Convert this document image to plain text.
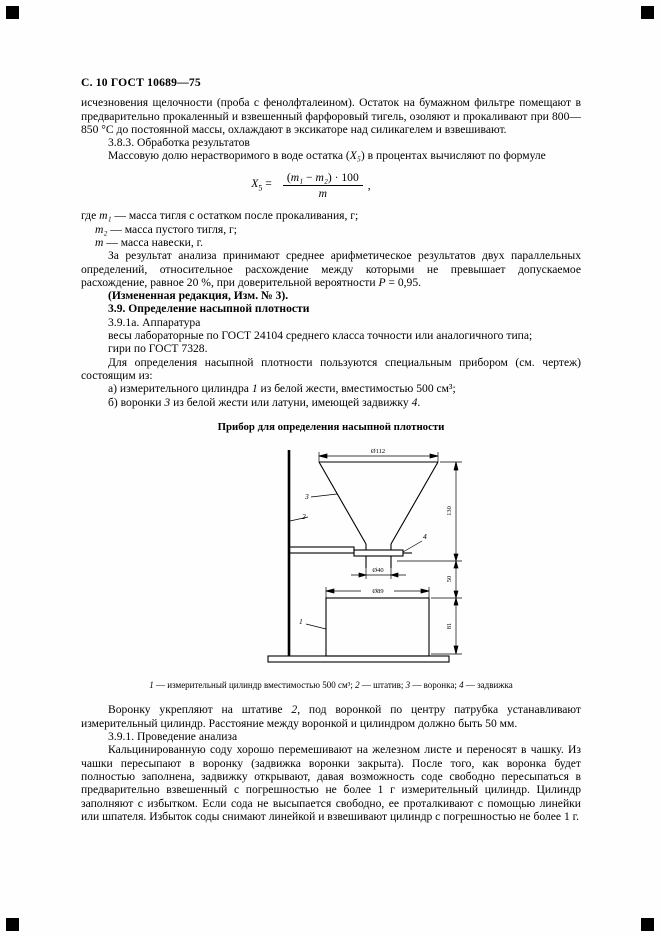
С. 10 ГОСТ 10689—75

исчезновения щелочности (проба с фенолфталеином). Остаток на бумажном фильтре помещают в предварительно прокаленный и взвешенный фарфоровый тигель, озоляют и прокаливают при 800—850 °С до постоянной массы, охлаждают в эксикаторе над силикагелем и взвешивают.

3.8.3. Обработка результатов

Массовую долю нерастворимого в воде остатка (X₅) в процентах вычисляют по формуле

$X_5 = \frac{\text{(m₁ − m₂) · 100}}{m}$ ,
где m₁ — масса тигля с остатком после прокаливания, г;
m₂ — масса пустого тигля, г;
m — масса навески, г.

За результат анализа принимают среднее арифметическое результатов двух параллельных определений, относительное расхождение между которыми не превышает допускаемое расхождение, равное 20 %, при доверительной вероятности Р = 0,95.

(Измененная редакция, Изм. № 3).

3.9. Определение насыпной плотности

3.9.1а. Аппаратура

весы лабораторные по ГОСТ 24104 среднего класса точности или аналогичного типа;

гири по ГОСТ 7328.

Для определения насыпной плотности пользуются специальным прибором (см. чертеж) состоящим из:

а) измерительного цилиндра 1 из белой жести, вместимостью 500 см³;

б) воронки 3 из белой жести или латуни, имеющей задвижку 4.

Прибор для определения насыпной плотности
Ø112
Ø40
Ø89
130
50
81
3
2
4
1
1 — измерительный цилиндр вместимостью 500 см³; 2 — штатив; 3 — воронка; 4 — задвижка

Воронку укрепляют на штативе 2, под воронкой по центру патрубка устанавливают измерительный цилиндр. Расстояние между воронкой и цилиндром должно быть 50 мм.

3.9.1. Проведение анализа

Кальцинированную соду хорошо перемешивают на железном листе и переносят в чашку. Из чашки пересыпают в воронку (задвижка воронки закрыта). После того, как воронка будет полностью заполнена, задвижку открывают, давая возможность соде свободно пересыпаться в предварительно взвешенный с погрешностью не более 1 г измерительный цилиндр. Цилиндр заполняют с избытком. Если сода не высыпается свободно, ее проталкивают с помощью линейки или шпателя. Избыток соды снимают линейкой и взвешивают цилиндр с погрешностью не более 1 г.
